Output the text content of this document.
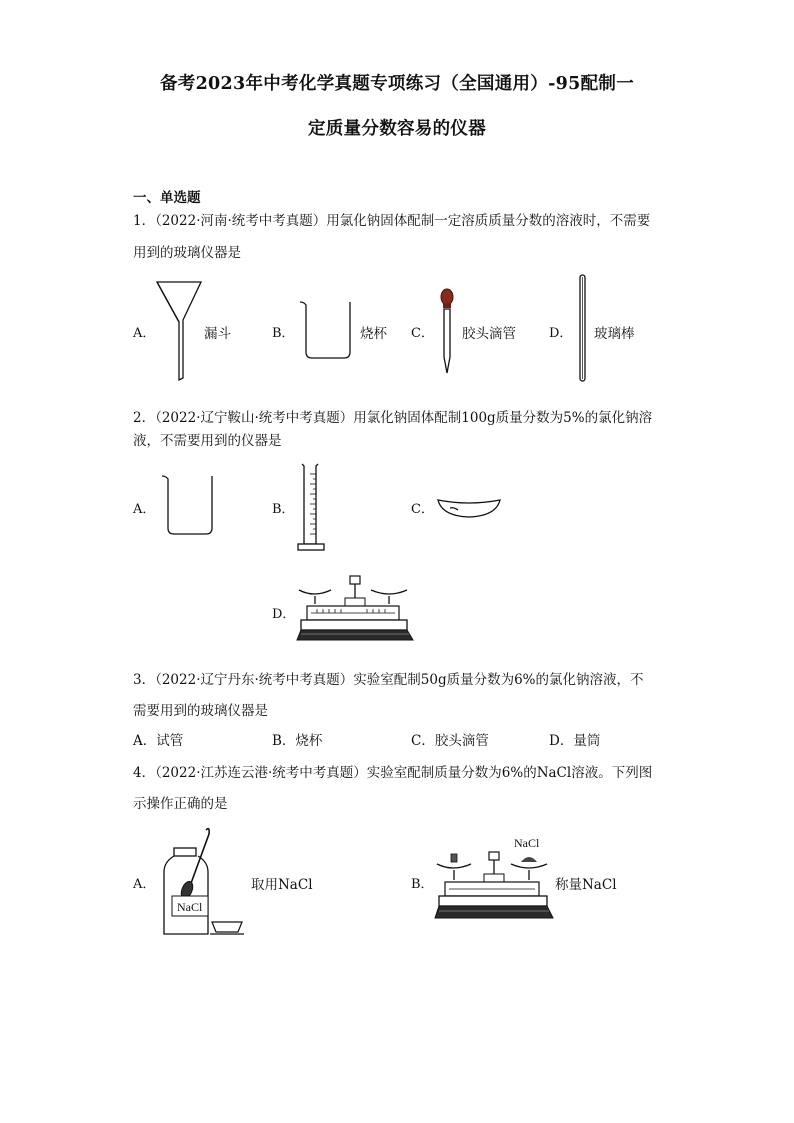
备考2023年中考化学真题专项练习（全国通用）-95配制一
定质量分数容易的仪器
一、单选题
1．（2022·河南·统考中考真题）用氯化钠固体配制一定溶质质量分数的溶液时，不需要
用到的玻璃仪器是
A．	漏斗	B．	烧杯 C． 胶头滴管	D． 玻璃棒
2．（2022·辽宁鞍山·统考中考真题）用氯化钠固体配制100g质量分数为5%的氯化钠溶
液，不需要用到的仪器是
A．	B．	C．
D．
3．（2022·辽宁丹东·统考中考真题）实验室配制50g质量分数为6%的氯化钠溶液，不
需要用到的玻璃仪器是
A．试管	B．烧杯	C．胶头滴管	D．量筒
4．（2022·江苏连云港·统考中考真题）实验室配制质量分数为6%的NaCl溶液。下列图
示操作正确的是
A．
NaCl
取用NaCl	B．
NaCl
称量NaCl
